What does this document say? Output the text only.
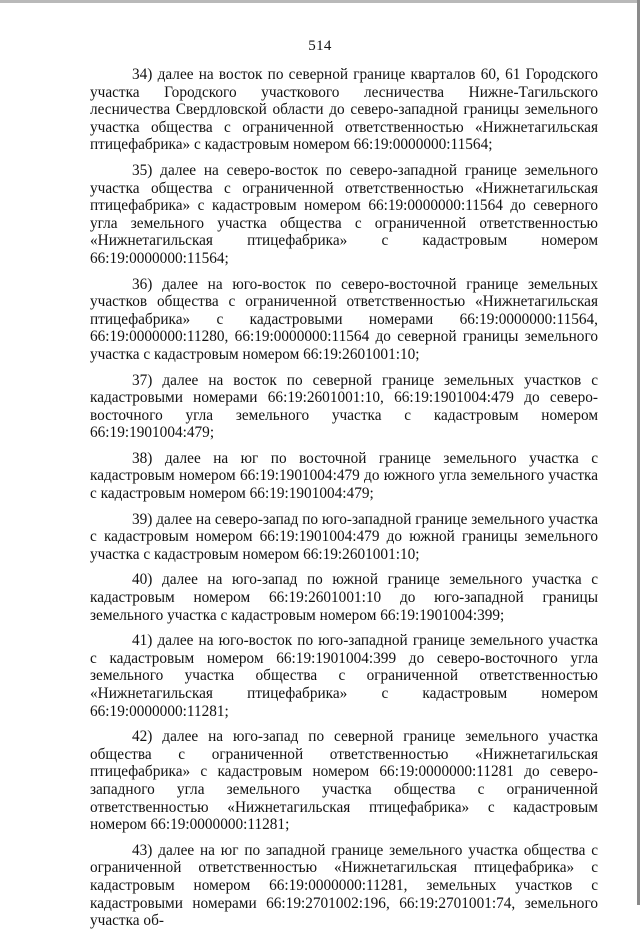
514

34) далее на восток по северной границе кварталов 60, 61 Городского участка Городского участкового лесничества Нижне-Тагильского лесничества Свердловской области до северо-западной границы земельного участка общества с ограниченной ответственностью «Нижнетагильская птицефабрика» с кадастровым номером 66:19:0000000:11564;

35) далее на северо-восток по северо-западной границе земельного участка общества с ограниченной ответственностью «Нижнетагильская птицефабрика» с кадастровым номером 66:19:0000000:11564 до северного угла земельного участка общества с ограниченной ответственностью «Нижнетагильская птицефабрика» с кадастровым номером 66:19:0000000:11564;

36) далее на юго-восток по северо-восточной границе земельных участков общества с ограниченной ответственностью «Нижнетагильская птицефабрика» с кадастровыми номерами 66:19:0000000:11564, 66:19:0000000:11280, 66:19:0000000:11564 до северной границы земельного участка с кадастровым номером 66:19:2601001:10;

37) далее на восток по северной границе земельных участков с кадастровыми номерами 66:19:2601001:10, 66:19:1901004:479 до северо-восточного угла земельного участка с кадастровым номером 66:19:1901004:479;

38) далее на юг по восточной границе земельного участка с кадастровым номером 66:19:1901004:479 до южного угла земельного участка с кадастровым номером 66:19:1901004:479;

39) далее на северо-запад по юго-западной границе земельного участка с кадастровым номером 66:19:1901004:479 до южной границы земельного участка с кадастровым номером 66:19:2601001:10;

40) далее на юго-запад по южной границе земельного участка с кадастровым номером 66:19:2601001:10 до юго-западной границы земельного участка с кадастровым номером 66:19:1901004:399;

41) далее на юго-восток по юго-западной границе земельного участка с кадастровым номером 66:19:1901004:399 до северо-восточного угла земельного участка общества с ограниченной ответственностью «Нижнетагильская птицефабрика» с кадастровым номером 66:19:0000000:11281;

42) далее на юго-запад по северной границе земельного участка общества с ограниченной ответственностью «Нижнетагильская птицефабрика» с кадастровым номером 66:19:0000000:11281 до северо-западного угла земельного участка общества с ограниченной ответственностью «Нижнетагильская птицефабрика» с кадастровым номером 66:19:0000000:11281;

43) далее на юг по западной границе земельного участка общества с ограниченной ответственностью «Нижнетагильская птицефабрика» с кадастровым номером 66:19:0000000:11281, земельных участков с кадастровыми номерами 66:19:2701002:196, 66:19:2701001:74, земельного участка об-
